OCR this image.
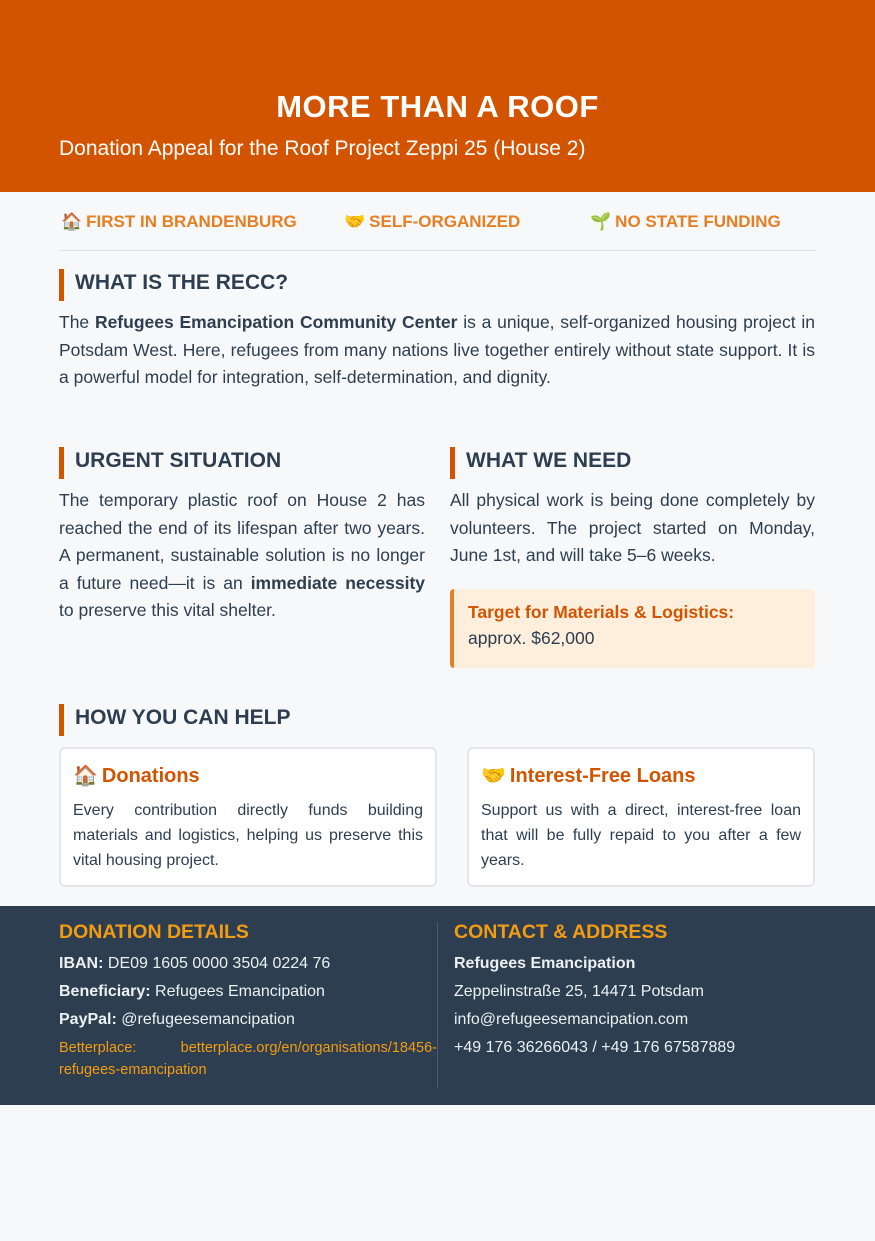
MORE THAN A ROOF
Donation Appeal for the Roof Project Zeppi 25 (House 2)
🏠 FIRST IN BRANDENBURG	🤝 SELF-ORGANIZED	🌱 NO STATE FUNDING
WHAT IS THE RECC?

The Refugees Emancipation Community Center is a unique, self-organized housing project in Potsdam West. Here, refugees from many nations live together entirely without state support. It is a powerful model for integration, self-determination, and dignity.

URGENT SITUATION

The temporary plastic roof on House 2 has reached the end of its lifespan after two years. A permanent, sustainable solution is no longer a future need—it is an immediate necessity to preserve this vital shelter.

WHAT WE NEED

All physical work is being done completely by volunteers. The project started on Monday, June 1st, and will take 5–6 weeks.

Target for Materials & Logistics:
approx. $62,000
HOW YOU CAN HELP
🏠 Donations
Every contribution directly funds building materials and logistics, helping us preserve this vital housing project.
🤝 Interest-Free Loans
Support us with a direct, interest-free loan that will be fully repaid to you after a few years.
DONATION DETAILS
IBAN: DE09 1605 0000 3504 0224 76
Beneficiary: Refugees Emancipation
PayPal: @refugeesemancipation
Betterplace: betterplace.org/en/organisations/18456-refugees-emancipation
CONTACT & ADDRESS
Refugees Emancipation
Zeppelinstraße 25, 14471 Potsdam
info@refugeesemancipation.com
+49 176 36266043 / +49 176 67587889
